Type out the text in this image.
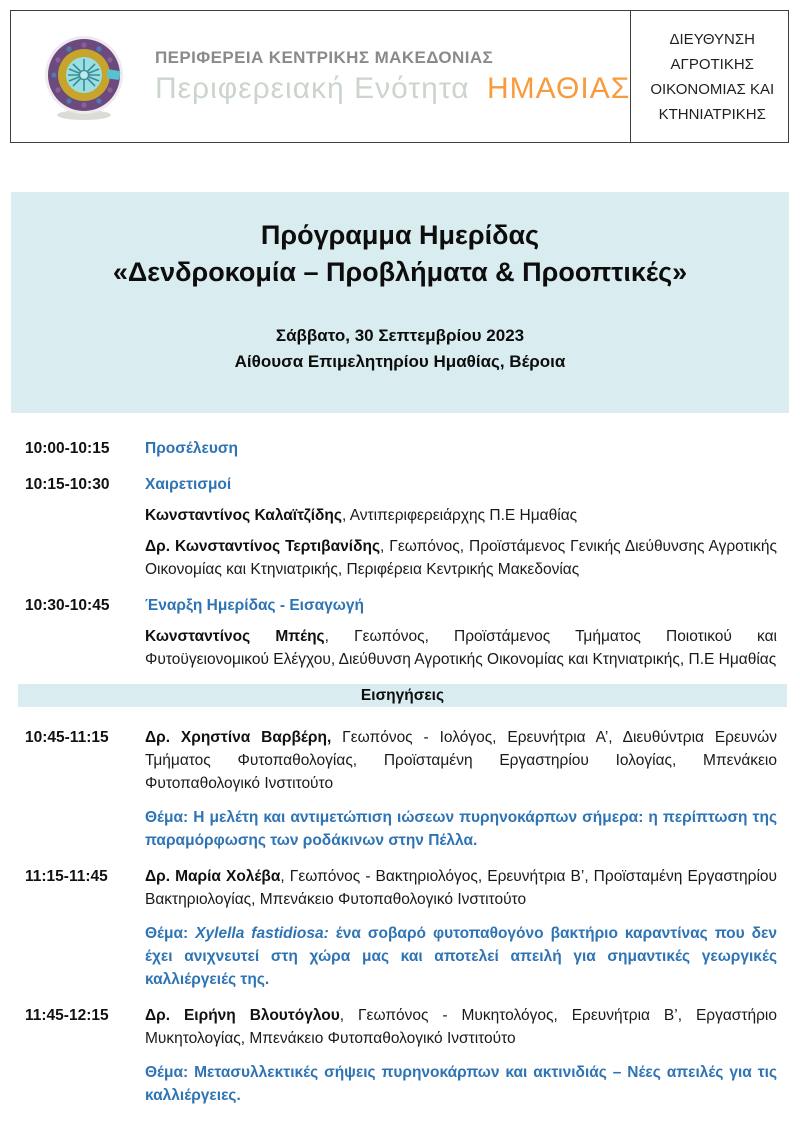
ΠΕΡΙΦΕΡΕΙΑ ΚΕΝΤΡΙΚΗΣ ΜΑΚΕΔΟΝΙΑΣ
Περιφερειακή Ενότητα ΗΜΑΘΙΑΣ
ΔΙΕΥΘΥΝΣΗ ΑΓΡΟΤΙΚΗΣ ΟΙΚΟΝΟΜΙΑΣ ΚΑΙ ΚΤΗΝΙΑΤΡΙΚΗΣ
Πρόγραμμα Ημερίδας
«Δενδροκομία – Προβλήματα & Προοπτικές»
Σάββατο, 30 Σεπτεμβρίου 2023
Αίθουσα Επιμελητηρίου Ημαθίας, Βέροια
10:00-10:15	Προσέλευση
10:15-10:30	Χαιρετισμοί

Κωνσταντίνος Καλαϊτζίδης, Αντιπεριφερειάρχης Π.Ε Ημαθίας

Δρ. Κωνσταντίνος Τερτιβανίδης, Γεωπόνος, Προϊστάμενος Γενικής Διεύθυνσης Αγροτικής Οικονομίας και Κτηνιατρικής, Περιφέρεια Κεντρικής Μακεδονίας

10:30-10:45	Έναρξη Ημερίδας - Εισαγωγή

Κωνσταντίνος Μπέης, Γεωπόνος, Προϊστάμενος Τμήματος Ποιοτικού και Φυτοϋγειονομικού Ελέγχου, Διεύθυνση Αγροτικής Οικονομίας και Κτηνιατρικής, Π.Ε Ημαθίας

Εισηγήσεις
10:45-11:15	Δρ. Χρηστίνα Βαρβέρη, Γεωπόνος - Ιολόγος, Ερευνήτρια Α’, Διευθύντρια Ερευνών Τμήματος Φυτοπαθολογίας, Προϊσταμένη Εργαστηρίου Ιολογίας, Μπενάκειο Φυτοπαθολογικό Ινστιτούτο

Θέμα: Η μελέτη και αντιμετώπιση ιώσεων πυρηνοκάρπων σήμερα: η περίπτωση της παραμόρφωσης των ροδάκινων στην Πέλλα.

11:15-11:45	Δρ. Μαρία Χολέβα, Γεωπόνος - Βακτηριολόγος, Ερευνήτρια Β’, Προϊσταμένη Εργαστηρίου Βακτηριολογίας, Μπενάκειο Φυτοπαθολογικό Ινστιτούτο

Θέμα: Xylella fastidiosa: ένα σοβαρό φυτοπαθογόνο βακτήριο καραντίνας που δεν έχει ανιχνευτεί στη χώρα μας και αποτελεί απειλή για σημαντικές γεωργικές καλλιέργειές της.

11:45-12:15	Δρ. Ειρήνη Βλουτόγλου, Γεωπόνος - Μυκητολόγος, Ερευνήτρια Β’, Εργαστήριο Μυκητολογίας, Μπενάκειο Φυτοπαθολογικό Ινστιτούτο

Θέμα: Μετασυλλεκτικές σήψεις πυρηνοκάρπων και ακτινιδιάς – Νέες απειλές για τις καλλιέργειες.
